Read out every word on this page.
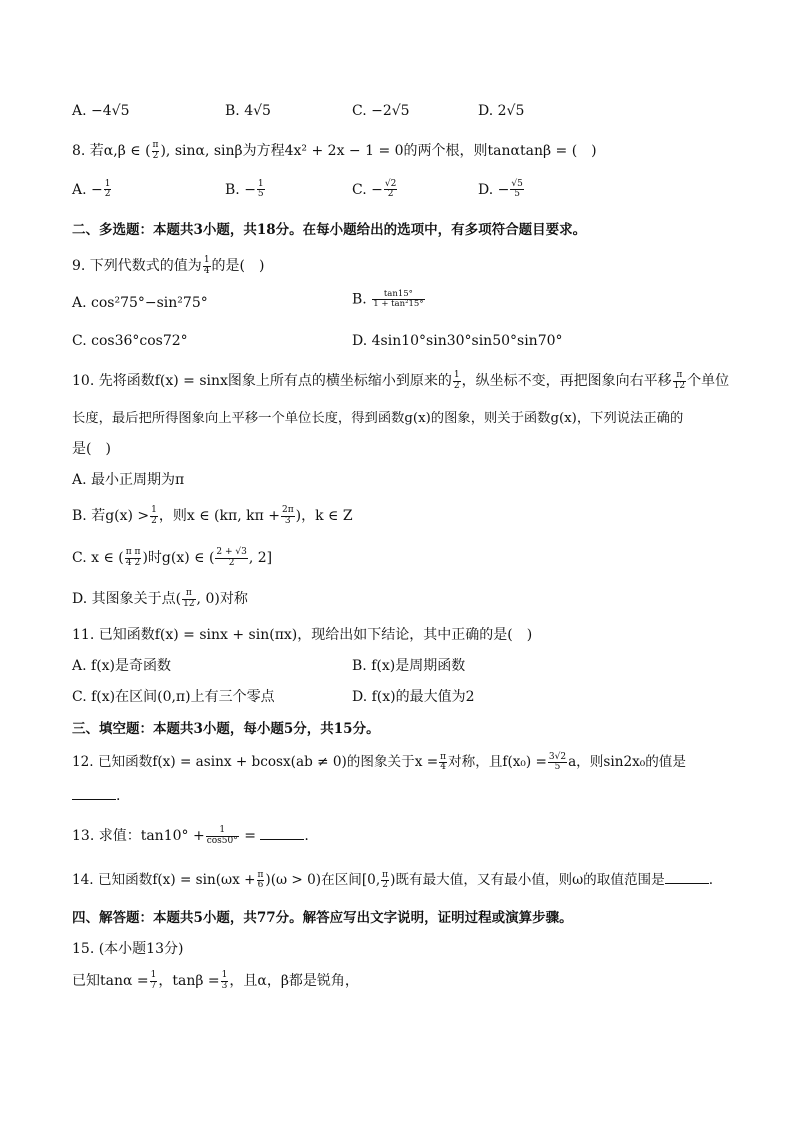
A. −4√5	B. 4√5	C. −2√5	D. 2√5
8. 若α,β ∈ ( $\frac{\pi}{2}$ ), sinα, sinβ为方程4x² + 2x − 1 = 0的两个根，则tanαtanβ = (　)
A. − $\frac{1}{2}$	B. − $\frac{1}{5}$	C. − $\frac{√2}{2}$	D. − $\frac{√5}{5}$
二、多选题：本题共3小题，共18分。在每小题给出的选项中，有多项符合题目要求。
9. 下列代数式的值为 $\frac{1}{4}$ 的是(　)
A. cos²75°−sin²75°	B. $\frac{\tan 15^\circ}{\text{1 + tan²15°}}$
C. cos36°cos72°	D. 4sin10°sin30°sin50°sin70°
10. 先将函数f(x) = sinx图象上所有点的横坐标缩小到原来的 $\frac{1}{2}$ ，纵坐标不变，再把图象向右平移 $\frac{\pi}{12}$ 个单位
长度，最后把所得图象向上平移一个单位长度，得到函数g(x)的图象，则关于函数g(x)，下列说法正确的
是(　)
A. 最小正周期为π
B. 若$g(x) > \frac{1}{2}$ ，则x ∈ (kπ, $k\pi + \frac{2\pi}{3}$ )，k ∈ Z
C. x ∈ ( $\frac{\text{π π}}{4 2}$ )时g(x) ∈ ( $\frac{2 + √3}{2}$ , 2]
D. 其图象关于点( $\frac{\pi}{12}$ , 0)对称
11. 已知函数f(x) = sinx + sin(πx)，现给出如下结论，其中正确的是(　)
A. f(x)是奇函数	B. f(x)是周期函数
C. f(x)在区间(0,π)上有三个零点	D. f(x)的最大值为2
三、填空题：本题共3小题，每小题5分，共15分。
12. 已知函数f(x) = asinx + bcosx(ab ≠ 0)的图象关于$x = \frac{\pi}{4}$ 对称，且$f(x_0) = \frac{3√2}{5}$ a，则sin2x₀的值是
.
13. 求值：$\tan 10^\circ + \frac{1}{\cos 50^\circ}$ =	.
14. 已知函数$f(x) = \sin(\omega x + \frac{\pi}{6} )(\omega > 0)$在区间[0, $\frac{\pi}{2}$ )既有最大值，又有最小值，则ω的取值范围是	.
四、解答题：本题共5小题，共77分。解答应写出文字说明，证明过程或演算步骤。
15. (本小题13分)
已知$\tan\alpha = \frac{1}{7}$ ，$\tan\beta = \frac{1}{3}$ ，且α，β都是锐角，
